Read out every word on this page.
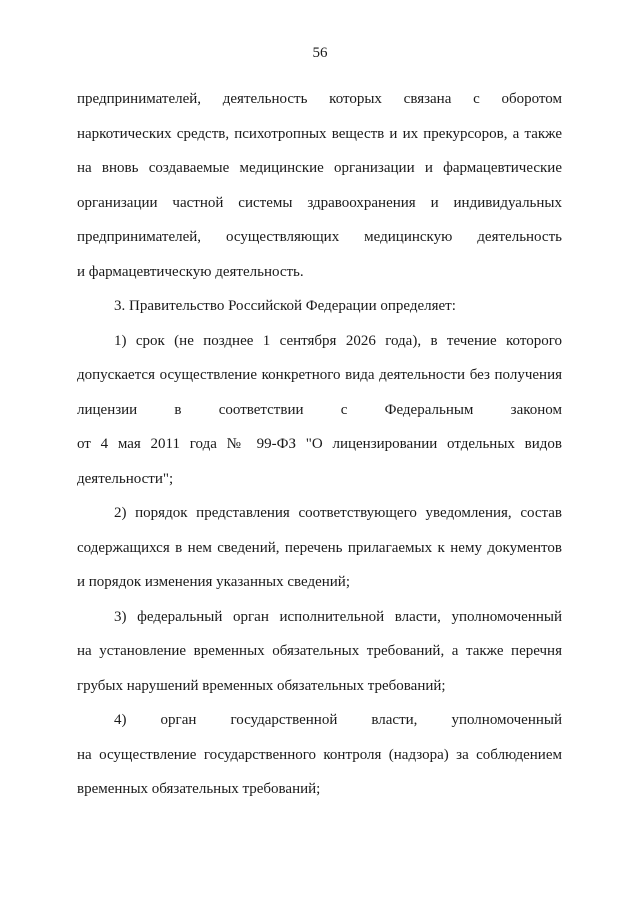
56

предпринимателей, деятельность которых связана с оборотом

наркотических средств, психотропных веществ и их прекурсоров, а также

на вновь создаваемые медицинские организации и фармацевтические

организации частной системы здравоохранения и индивидуальных

предпринимателей, осуществляющих медицинскую деятельность

и фармацевтическую деятельность.

3. Правительство Российской Федерации определяет:

1) срок (не позднее 1 сентября 2026 года), в течение которого

допускается осуществление конкретного вида деятельности без получения

лицензии в соответствии с Федеральным законом

от 4 мая 2011 года № 99-ФЗ "О лицензировании отдельных видов

деятельности";

2) порядок представления соответствующего уведомления, состав

содержащихся в нем сведений, перечень прилагаемых к нему документов

и порядок изменения указанных сведений;

3) федеральный орган исполнительной власти, уполномоченный

на установление временных обязательных требований, а также перечня

грубых нарушений временных обязательных требований;

4) орган государственной власти, уполномоченный

на осуществление государственного контроля (надзора) за соблюдением

временных обязательных требований;
